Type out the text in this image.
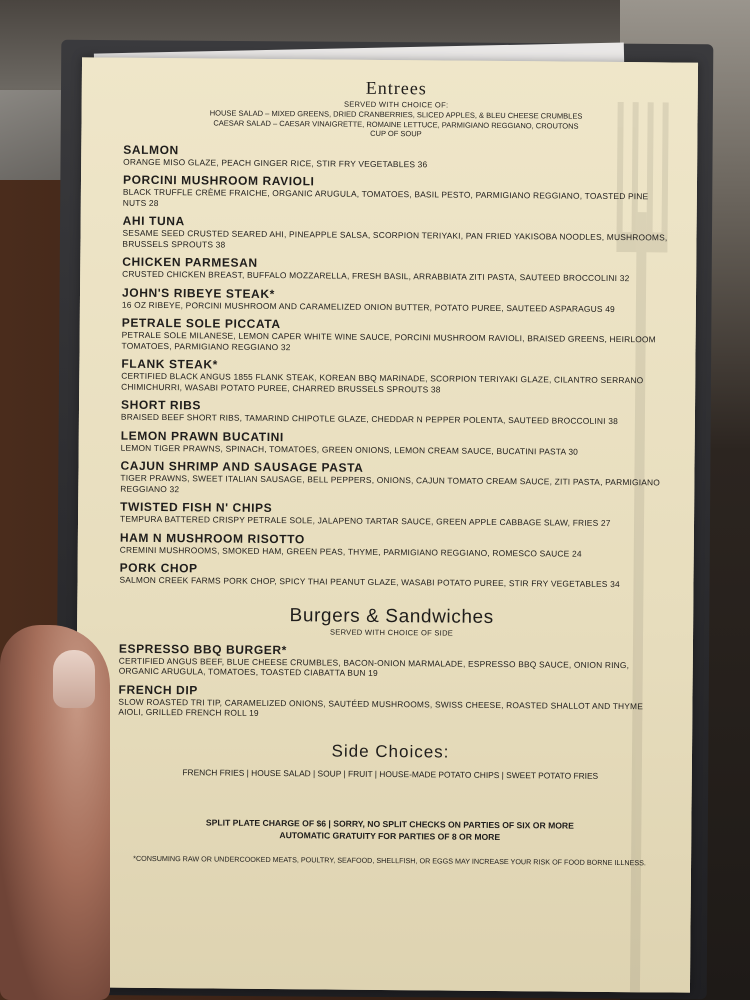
Entrees
SERVED WITH CHOICE OF:
HOUSE SALAD – MIXED GREENS, DRIED CRANBERRIES, SLICED APPLES, & BLEU CHEESE CRUMBLES
CAESAR SALAD – CAESAR VINAIGRETTE, ROMAINE LETTUCE, PARMIGIANO REGGIANO, CROUTONS
CUP OF SOUP
SALMON
ORANGE MISO GLAZE, PEACH GINGER RICE, STIR FRY VEGETABLES 36
PORCINI MUSHROOM RAVIOLI
BLACK TRUFFLE CRÈME FRAICHE, ORGANIC ARUGULA, TOMATOES, BASIL PESTO, PARMIGIANO REGGIANO, TOASTED PINE NUTS 28
AHI TUNA
SESAME SEED CRUSTED SEARED AHI, PINEAPPLE SALSA, SCORPION TERIYAKI, PAN FRIED YAKISOBA NOODLES, MUSHROOMS, BRUSSELS SPROUTS 38
CHICKEN PARMESAN
CRUSTED CHICKEN BREAST, BUFFALO MOZZARELLA, FRESH BASIL, ARRABBIATA ZITI PASTA, SAUTEED BROCCOLINI 32
JOHN'S RIBEYE STEAK*
16 OZ RIBEYE, PORCINI MUSHROOM AND CARAMELIZED ONION BUTTER, POTATO PUREE, SAUTEED ASPARAGUS 49
PETRALE SOLE PICCATA
PETRALE SOLE MILANESE, LEMON CAPER WHITE WINE SAUCE, PORCINI MUSHROOM RAVIOLI, BRAISED GREENS, HEIRLOOM TOMATOES, PARMIGIANO REGGIANO 32
FLANK STEAK*
CERTIFIED BLACK ANGUS 1855 FLANK STEAK, KOREAN BBQ MARINADE, SCORPION TERIYAKI GLAZE, CILANTRO SERRANO CHIMICHURRI, WASABI POTATO PUREE, CHARRED BRUSSELS SPROUTS 38
SHORT RIBS
BRAISED BEEF SHORT RIBS, TAMARIND CHIPOTLE GLAZE, CHEDDAR N PEPPER POLENTA, SAUTEED BROCCOLINI 38
LEMON PRAWN BUCATINI
LEMON TIGER PRAWNS, SPINACH, TOMATOES, GREEN ONIONS, LEMON CREAM SAUCE, BUCATINI PASTA 30
CAJUN SHRIMP AND SAUSAGE PASTA
TIGER PRAWNS, SWEET ITALIAN SAUSAGE, BELL PEPPERS, ONIONS, CAJUN TOMATO CREAM SAUCE, ZITI PASTA, PARMIGIANO REGGIANO 32
TWISTED FISH N' CHIPS
TEMPURA BATTERED CRISPY PETRALE SOLE, JALAPENO TARTAR SAUCE, GREEN APPLE CABBAGE SLAW, FRIES 27
HAM N MUSHROOM RISOTTO
CREMINI MUSHROOMS, SMOKED HAM, GREEN PEAS, THYME, PARMIGIANO REGGIANO, ROMESCO SAUCE 24
PORK CHOP
SALMON CREEK FARMS PORK CHOP, SPICY THAI PEANUT GLAZE, WASABI POTATO PUREE, STIR FRY VEGETABLES 34
Burgers & Sandwiches
SERVED WITH CHOICE OF SIDE
ESPRESSO BBQ BURGER*
CERTIFIED ANGUS BEEF, BLUE CHEESE CRUMBLES, BACON-ONION MARMALADE, ESPRESSO BBQ SAUCE, ONION RING, ORGANIC ARUGULA, TOMATOES, TOASTED CIABATTA BUN 19
FRENCH DIP
SLOW ROASTED TRI TIP, CARAMELIZED ONIONS, SAUTÉED MUSHROOMS, SWISS CHEESE, ROASTED SHALLOT AND THYME AIOLI, GRILLED FRENCH ROLL 19
Side Choices:
FRENCH FRIES | HOUSE SALAD | SOUP | FRUIT | HOUSE-MADE POTATO CHIPS | SWEET POTATO FRIES
SPLIT PLATE CHARGE OF $6 | SORRY, NO SPLIT CHECKS ON PARTIES OF SIX OR MORE
AUTOMATIC GRATUITY FOR PARTIES OF 8 OR MORE
*CONSUMING RAW OR UNDERCOOKED MEATS, POULTRY, SEAFOOD, SHELLFISH, OR EGGS MAY INCREASE YOUR RISK OF FOOD BORNE ILLNESS.
